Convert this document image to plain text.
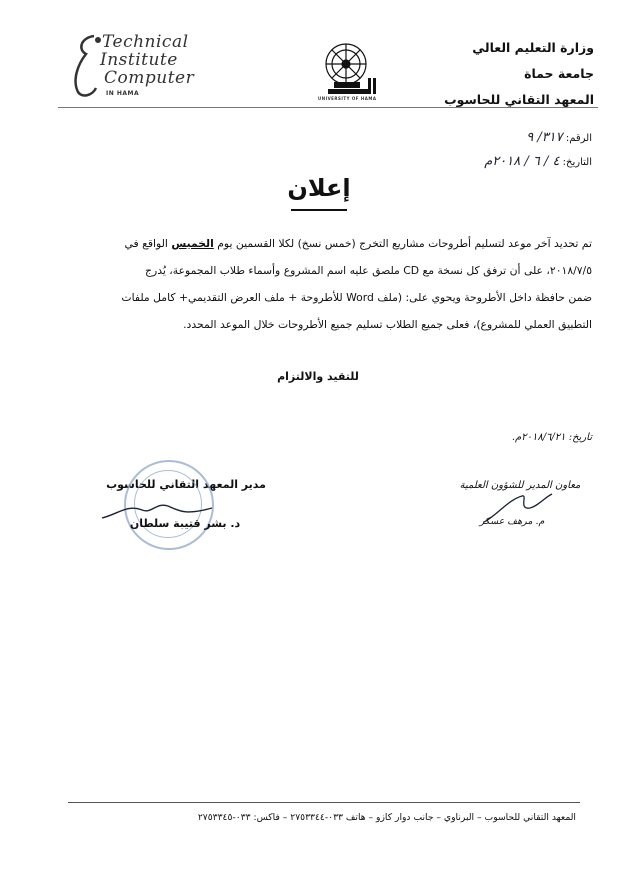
وزارة التعليم العالي
جامعة حماة
المعهد التقاني للحاسوب
UNIVERSITY OF HAMA
Technical
Institute
Computer
IN HAMA
الرقم: ٣١٧/ ٩
التاريخ: ٤ / ٦ / ٢٠١٨م
إعلان
تم تحديد آخر موعد لتسليم أطروحات مشاريع التخرج (خمس نسخ) لكلا القسمين يوم الخميس الواقع في
٢٠١٨/٧/٥، على أن ترفق كل نسخة مع CD ملصق عليه اسم المشروع وأسماء طلاب المجموعة، يُدرج
ضمن حافظة داخل الأطروحة ويحوي على: (ملف Word للأطروحة + ملف العرض التقديمي+ كامل ملفات
التطبيق العملي للمشروع)، فعلى جميع الطلاب تسليم جميع الأطروحات خلال الموعد المحدد.
للتقيد والالتزام
تاريخ: ٢٠١٨/٦/٢١م.
مدير المعهد التقاني للحاسوب
د. بشر قتيبة سلطان
معاون المدير للشؤون العلمية
م. مرهف عسكر
المعهد التقاني للحاسوب – البرناوي – جانب دوار كازو – هاتف ٠٣٣-٢٧٥٣٣٤٤ – فاكس: ٠٣٣-٢٧٥٣٣٤٥
